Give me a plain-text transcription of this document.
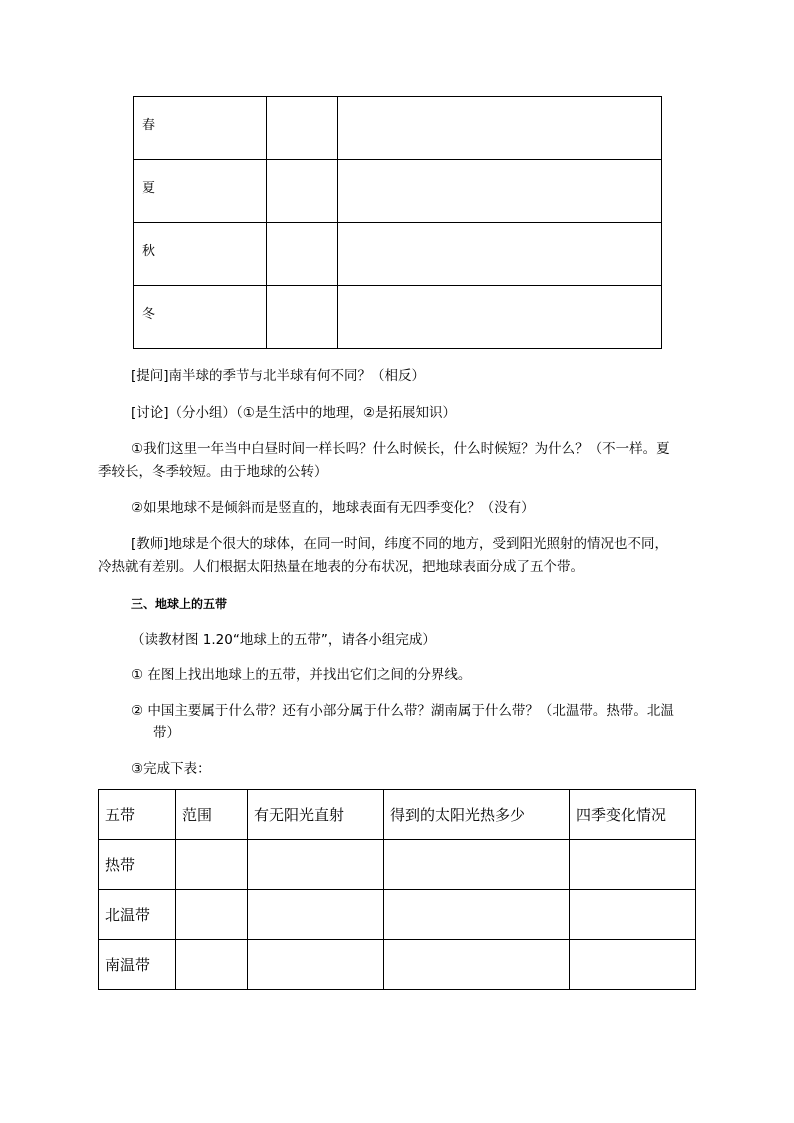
春		

夏		

秋		

冬		

[提问]南半球的季节与北半球有何不同？（相反）

[讨论]（分小组）（①是生活中的地理，②是拓展知识）

①我们这里一年当中白昼时间一样长吗？什么时候长，什么时候短？为什么？（不一样。夏

季较长，冬季较短。由于地球的公转）

②如果地球不是倾斜而是竖直的，地球表面有无四季变化？（没有）

[教师]地球是个很大的球体，在同一时间，纬度不同的地方，受到阳光照射的情况也不同，

冷热就有差别。人们根据太阳热量在地表的分布状况，把地球表面分成了五个带。

三、地球上的五带

（读教材图 1.20“地球上的五带”，请各小组完成）

① 在图上找出地球上的五带，并找出它们之间的分界线。

② 中国主要属于什么带？还有小部分属于什么带？湖南属于什么带？（北温带。热带。北温

带）

③完成下表：

五带	范围	有无阳光直射	得到的太阳光热多少	四季变化情况

热带				

北温带				

南温带				
